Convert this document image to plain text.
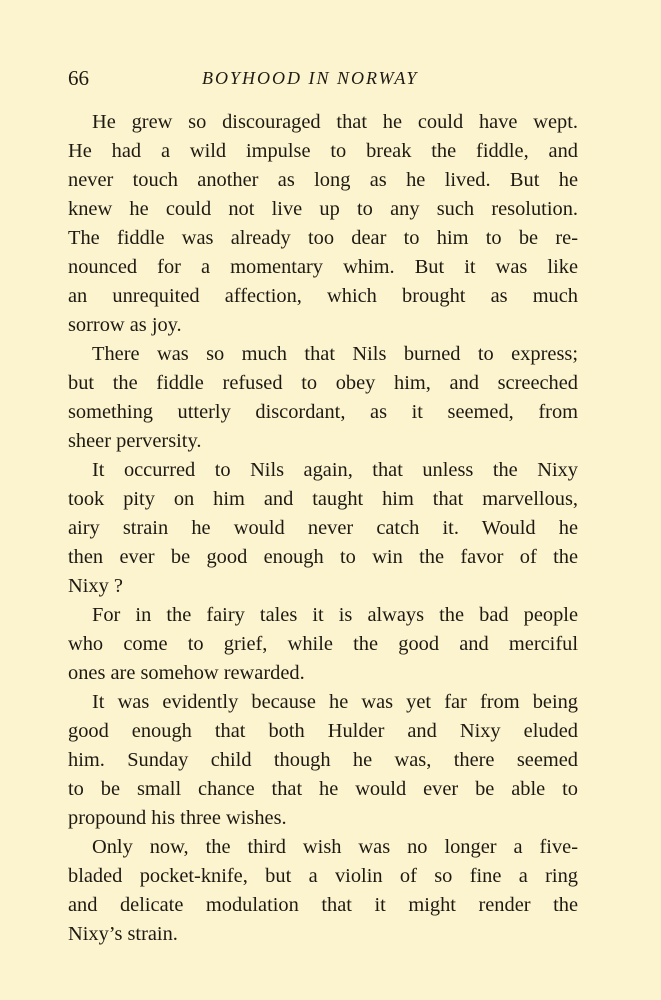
66	BOYHOOD IN NORWAY
He grew so discouraged that he could have wept.
He had a wild impulse to break the fiddle, and
never touch another as long as he lived. But he
knew he could not live up to any such resolution.
The fiddle was already too dear to him to be re-
nounced for a momentary whim. But it was like
an unrequited affection, which brought as much
sorrow as joy.
There was so much that Nils burned to express;
but the fiddle refused to obey him, and screeched
something utterly discordant, as it seemed, from
sheer perversity.
It occurred to Nils again, that unless the Nixy
took pity on him and taught him that marvellous,
airy strain he would never catch it. Would he
then ever be good enough to win the favor of the
Nixy ?
For in the fairy tales it is always the bad people
who come to grief, while the good and merciful
ones are somehow rewarded.
It was evidently because he was yet far from being
good enough that both Hulder and Nixy eluded
him. Sunday child though he was, there seemed
to be small chance that he would ever be able to
propound his three wishes.
Only now, the third wish was no longer a five-
bladed pocket-knife, but a violin of so fine a ring
and delicate modulation that it might render the
Nixy’s strain.
